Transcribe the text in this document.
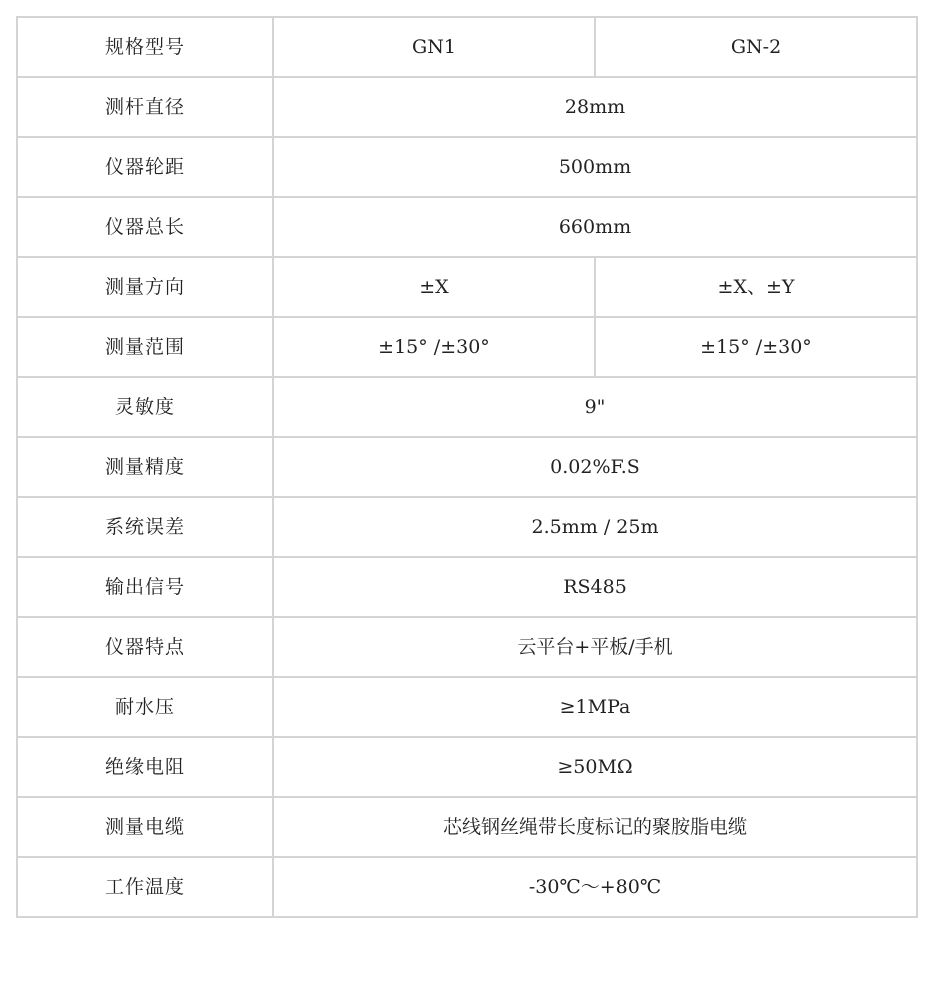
规格型号	GN1	GN-2
测杆直径	28mm	
仪器轮距	500mm	
仪器总长	660mm	
测量方向	±X	±X、±Y
测量范围	±15° /±30°	±15° /±30°
灵敏度	9"	
测量精度	0.02%F.S	
系统误差	2.5mm / 25m	
输出信号	RS485	
仪器特点	云平台+平板/手机	
耐水压	≥1MPa	
绝缘电阻	≥50MΩ	
测量电缆	芯线钢丝绳带长度标记的聚胺脂电缆	
工作温度	-30℃～+80℃	
